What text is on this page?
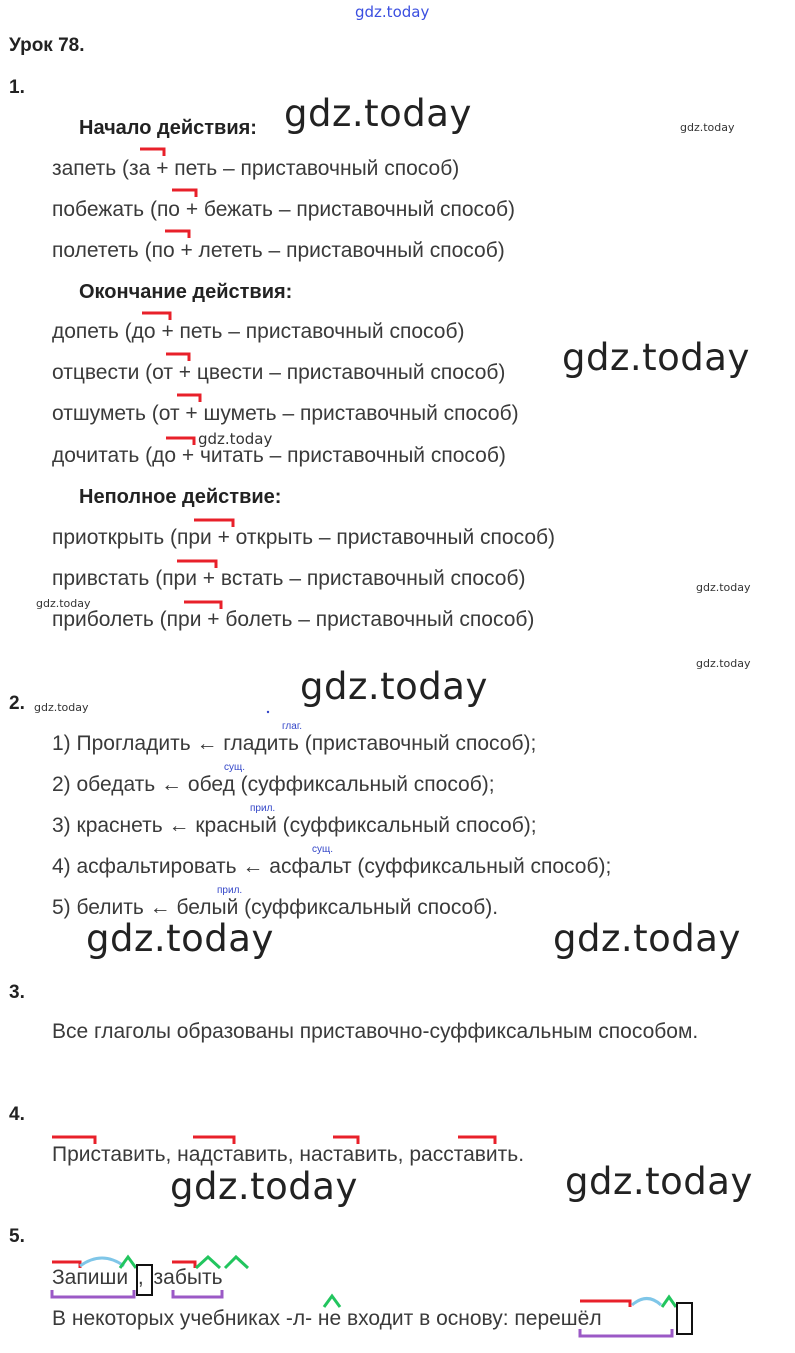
gdz.today
Урок 78.
1.
Начало действия:
запеть (за + петь – приставочный способ)
побежать (по + бежать – приставочный способ)
полететь (по + лететь – приставочный способ)
Окончание действия:
допеть (до + петь – приставочный способ)
отцвести (от + цвести – приставочный способ)
отшуметь (от + шуметь – приставочный способ)
дочитать (до + читать – приставочный способ)
Неполное действие:
приоткрыть (при + открыть – приставочный способ)
привстать (при + встать – приставочный способ)
приболеть (при + болеть – приставочный способ)
2.
1) Прогладить ← гладить (приставочный способ);
2) обедать ← обед (суффиксальный способ);
3) краснеть ← красный (суффиксальный способ);
4) асфальтировать ← асфальт (суффиксальный способ);
5) белить ← белый (суффиксальный способ).
глаг.
сущ.
прил.
сущ.
прил.
3.
Все глаголы образованы приставочно-суффиксальным способом.
4.
Приставить, надставить, наставить, расставить.
5.
Запиши , забыть
В некоторых учебниках -л- не входит в основу: перешёл
gdz.today
gdz.today
gdz.today
gdz.today	gdz.today
gdz.today	gdz.today
gdz.today
gdz.today
gdz.today
gdz.today
gdz.today
gdz.today
